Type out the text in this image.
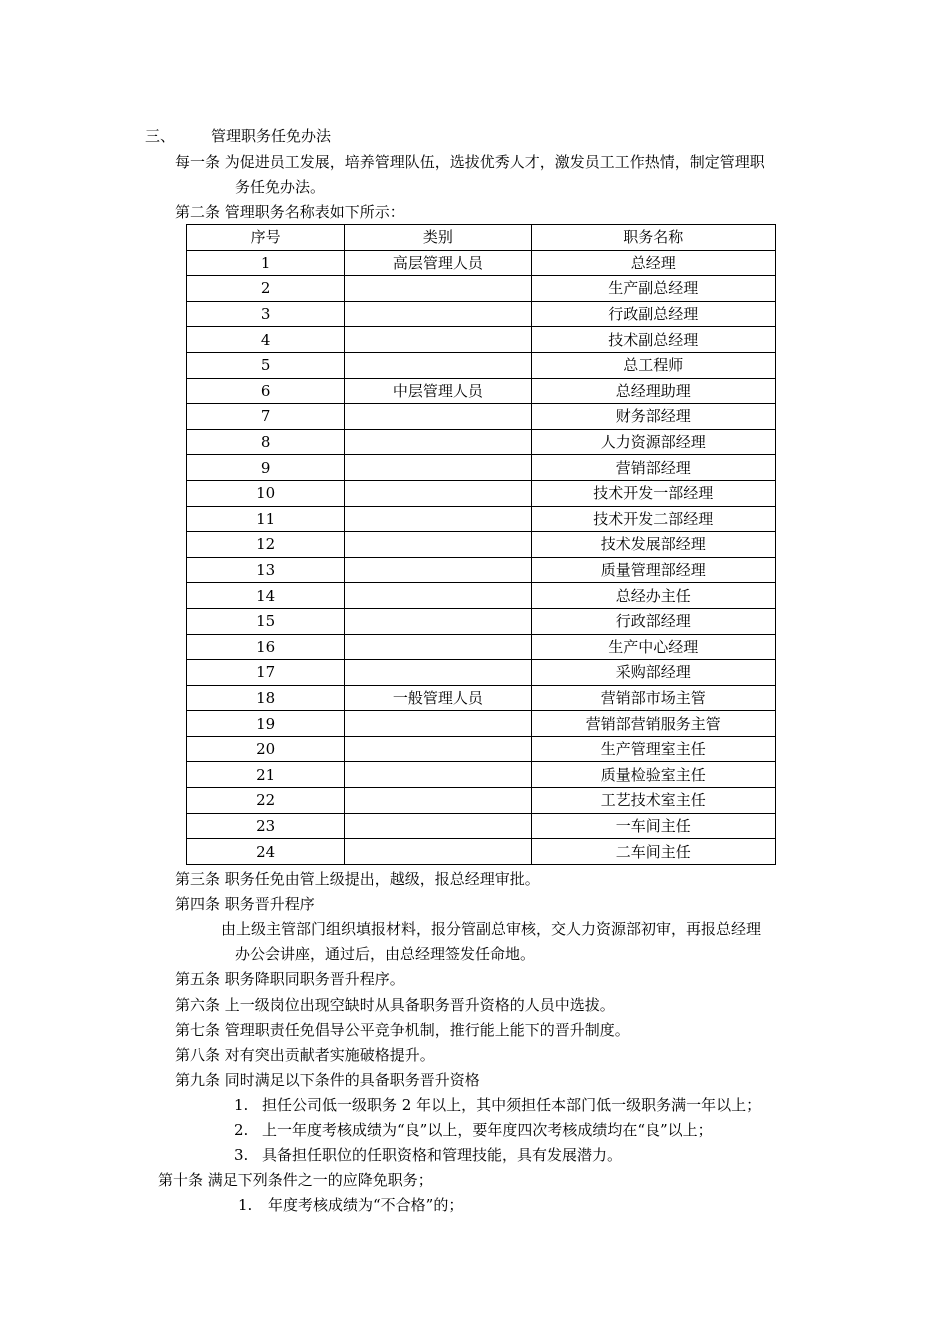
三、 管理职务任免办法
每一条 为促进员工发展，培养管理队伍，选拔优秀人才，激发员工工作热情，制定管理职
务任免办法。
第二条 管理职务名称表如下所示：
序号	类别	职务名称
1	高层管理人员	总经理
2		生产副总经理
3		行政副总经理
4		技术副总经理
5		总工程师
6	中层管理人员	总经理助理
7		财务部经理
8		人力资源部经理
9		营销部经理
10		技术开发一部经理
11		技术开发二部经理
12		技术发展部经理
13		质量管理部经理
14		总经办主任
15		行政部经理
16		生产中心经理
17		采购部经理
18	一般管理人员	营销部市场主管
19		营销部营销服务主管
20		生产管理室主任
21		质量检验室主任
22		工艺技术室主任
23		一车间主任
24		二车间主任
第三条 职务任免由管上级提出，越级，报总经理审批。
第四条 职务晋升程序
由上级主管部门组织填报材料，报分管副总审核，交人力资源部初审，再报总经理
办公会讲座，通过后，由总经理签发任命地。
第五条 职务降职同职务晋升程序。
第六条 上一级岗位出现空缺时从具备职务晋升资格的人员中选拔。
第七条 管理职责任免倡导公平竞争机制，推行能上能下的晋升制度。
第八条 对有突出贡献者实施破格提升。
第九条 同时满足以下条件的具备职务晋升资格
1. 担任公司低一级职务 2 年以上，其中须担任本部门低一级职务满一年以上；
2. 上一年度考核成绩为“良”以上，要年度四次考核成绩均在“良”以上；
3. 具备担任职位的任职资格和管理技能，具有发展潜力。
第十条 满足下列条件之一的应降免职务；
1. 年度考核成绩为“不合格”的；
